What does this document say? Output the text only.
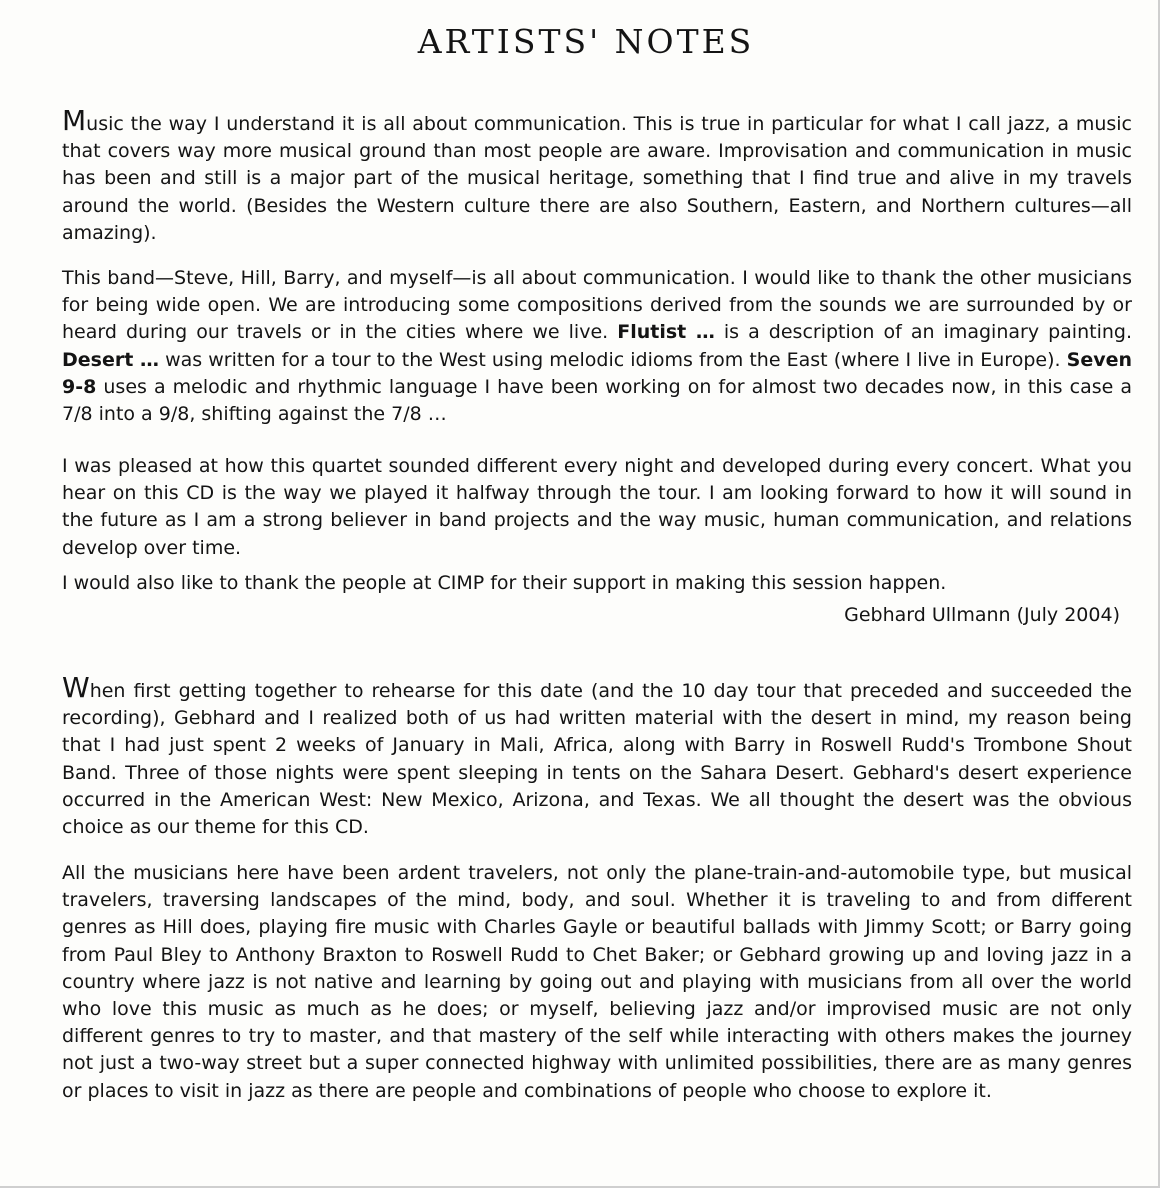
ARTISTS' NOTES

Music the way I understand it is all about communication. This is true in particular for what I call jazz, a music that covers way more musical ground than most people are aware. Improvisation and communication in music has been and still is a major part of the musical heritage, something that I find true and alive in my travels around the world. (Besides the Western culture there are also Southern, Eastern, and Northern cultures—all amazing).

This band—Steve, Hill, Barry, and myself—is all about communication. I would like to thank the other musicians for being wide open. We are introducing some compositions derived from the sounds we are surrounded by or heard during our travels or in the cities where we live. Flutist … is a description of an imaginary painting. Desert … was written for a tour to the West using melodic idioms from the East (where I live in Europe). Seven 9-8 uses a melodic and rhythmic language I have been working on for almost two decades now, in this case a 7/8 into a 9/8, shifting against the 7/8 …

I was pleased at how this quartet sounded different every night and developed during every concert. What you hear on this CD is the way we played it halfway through the tour. I am looking forward to how it will sound in the future as I am a strong believer in band projects and the way music, human communication, and relations develop over time.

I would also like to thank the people at CIMP for their support in making this session happen.

Gebhard Ullmann (July 2004)

When first getting together to rehearse for this date (and the 10 day tour that preceded and succeeded the recording), Gebhard and I realized both of us had written material with the desert in mind, my reason being that I had just spent 2 weeks of January in Mali, Africa, along with Barry in Roswell Rudd's Trombone Shout Band. Three of those nights were spent sleeping in tents on the Sahara Desert. Gebhard's desert experience occurred in the American West: New Mexico, Arizona, and Texas. We all thought the desert was the obvious choice as our theme for this CD.

All the musicians here have been ardent travelers, not only the plane-train-and-automobile type, but musical travelers, traversing landscapes of the mind, body, and soul. Whether it is traveling to and from different genres as Hill does, playing fire music with Charles Gayle or beautiful ballads with Jimmy Scott; or Barry going from Paul Bley to Anthony Braxton to Roswell Rudd to Chet Baker; or Gebhard growing up and loving jazz in a country where jazz is not native and learning by going out and playing with musicians from all over the world who love this music as much as he does; or myself, believing jazz and/or improvised music are not only different genres to try to master, and that mastery of the self while interacting with others makes the journey not just a two-way street but a super connected highway with unlimited possibilities, there are as many genres or places to visit in jazz as there are people and combinations of people who choose to explore it.
